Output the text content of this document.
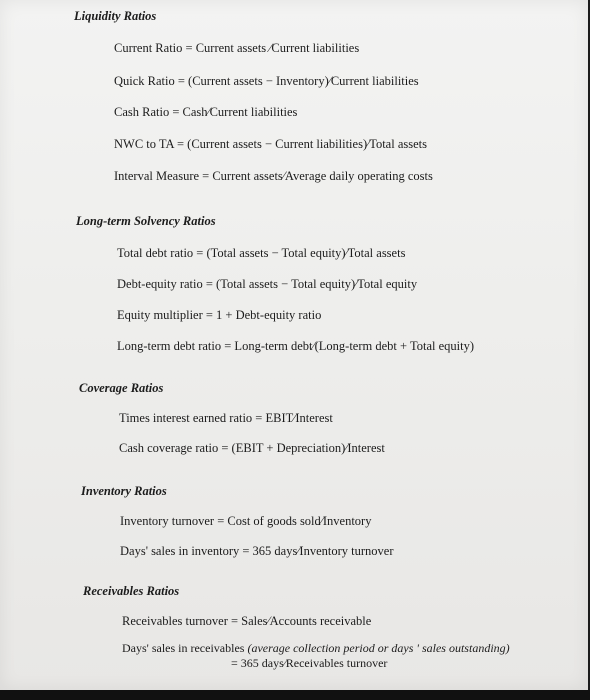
Liquidity Ratios
Current Ratio = Current assets ⁄Current liabilities
Quick Ratio = (Current assets − Inventory)⁄Current liabilities
Cash Ratio = Cash⁄Current liabilities
NWC to TA = (Current assets − Current liabilities)⁄Total assets
Interval Measure = Current assets⁄Average daily operating costs
Long-term Solvency Ratios
Total debt ratio = (Total assets − Total equity)⁄Total assets
Debt-equity ratio = (Total assets − Total equity)⁄Total equity
Equity multiplier = 1 + Debt-equity ratio
Long-term debt ratio = Long-term debt⁄(Long-term debt + Total equity)
Coverage Ratios
Times interest earned ratio = EBIT⁄Interest
Cash coverage ratio = (EBIT + Depreciation)⁄Interest
Inventory Ratios
Inventory turnover = Cost of goods sold⁄Inventory
Days' sales in inventory = 365 days⁄Inventory turnover
Receivables Ratios
Receivables turnover = Sales⁄Accounts receivable
Days' sales in receivables (average collection period or days ' sales outstanding)
= 365 days⁄Receivables turnover
